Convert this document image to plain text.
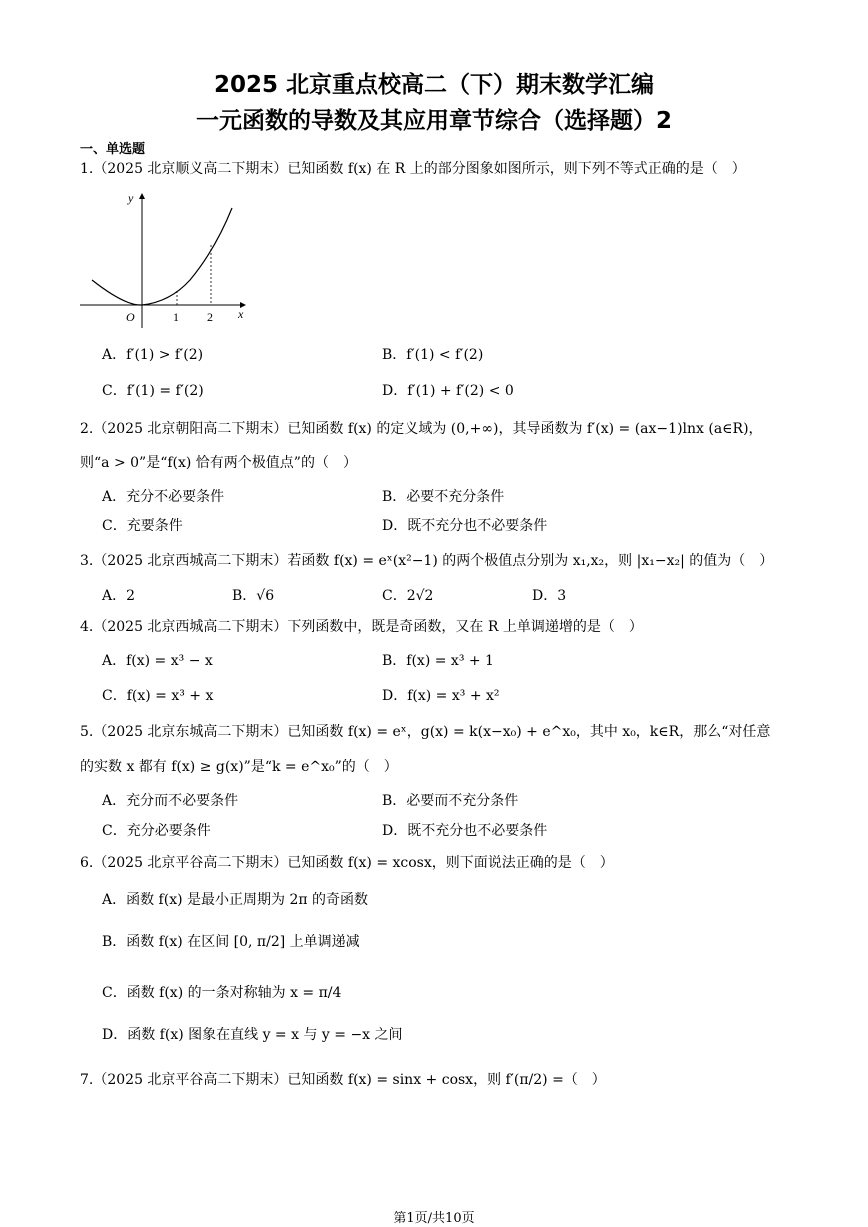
2025 北京重点校高二（下）期末数学汇编
一元函数的导数及其应用章节综合（选择题）2
一、单选题
1.（2025 北京顺义高二下期末）已知函数 f(x) 在 R 上的部分图象如图所示，则下列不等式正确的是（　）
y
x
O	1 2
A．f′(1) > f′(2)	B．f′(1) < f′(2)
C．f′(1) = f′(2)	D．f′(1) + f′(2) < 0
2.（2025 北京朝阳高二下期末）已知函数 f(x) 的定义域为 (0,+∞)，其导函数为 f′(x) = (ax−1)lnx (a∈R)，
则“a > 0”是“f(x) 恰有两个极值点”的（　）
A．充分不必要条件	B．必要不充分条件
C．充要条件	D．既不充分也不必要条件
3.（2025 北京西城高二下期末）若函数 f(x) = eˣ(x²−1) 的两个极值点分别为 x₁,x₂，则 |x₁−x₂| 的值为（　）
A．2	B．√6	C．2√2	D．3
4.（2025 北京西城高二下期末）下列函数中，既是奇函数，又在 R 上单调递增的是（　）
A．f(x) = x³ − x	B．f(x) = x³ + 1
C．f(x) = x³ + x	D．f(x) = x³ + x²
5.（2025 北京东城高二下期末）已知函数 f(x) = eˣ，g(x) = k(x−x₀) + e^x₀，其中 x₀，k∈R，那么“对任意
的实数 x 都有 f(x) ≥ g(x)”是“k = e^x₀”的（　）
A．充分而不必要条件	B．必要而不充分条件
C．充分必要条件	D．既不充分也不必要条件
6.（2025 北京平谷高二下期末）已知函数 f(x) = xcosx，则下面说法正确的是（　）
A．函数 f(x) 是最小正周期为 2π 的奇函数
B．函数 f(x) 在区间 [0, π/2] 上单调递减
C．函数 f(x) 的一条对称轴为 x = π/4
D．函数 f(x) 图象在直线 y = x 与 y = −x 之间
7.（2025 北京平谷高二下期末）已知函数 f(x) = sinx + cosx，则 f′(π/2) =（　）
第1页/共10页
